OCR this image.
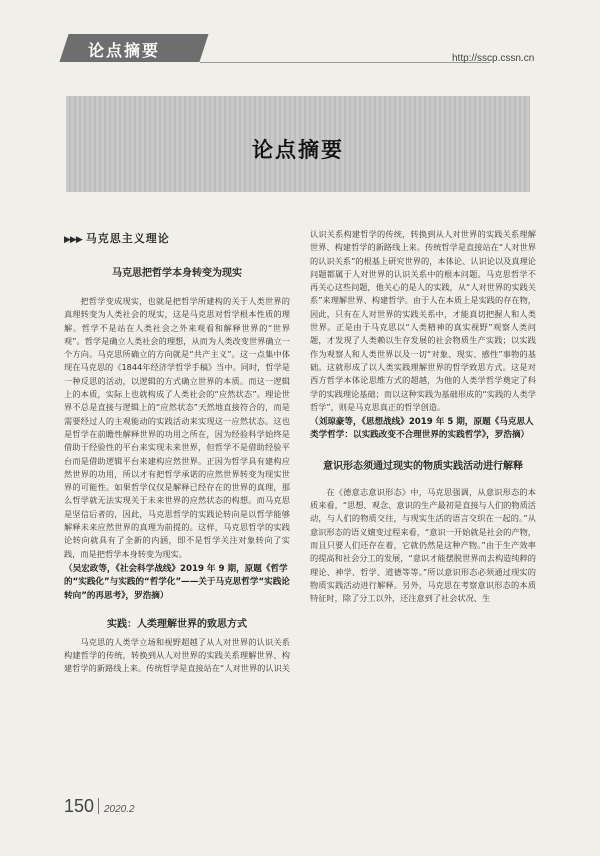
论点摘要	http://sscp.cssn.cn
论点摘要
▶▶▶ 马克思主义理论
马克思把哲学本身转变为现实

把哲学变成现实，也就是把哲学所建构的关于人类世界的真理转变为人类社会的现实，这是马克思对哲学根本性质的理解。哲学不是站在人类社会之外来观看和解释世界的“世界观”。哲学是确立人类社会的理想，从而为人类改变世界确立一个方向。马克思所确立的方向就是“共产主义”。这一点集中体现在马克思的《1844年经济学哲学手稿》当中。同时，哲学是一种反思的活动，以逻辑的方式确立世界的本质。而这一逻辑上的本质，实际上也就构成了人类社会的“应然状态”。理论世界不总是直接与逻辑上的“应然状态”天然地直接符合的，而是需要经过人的主观能动的实践活动来实现这一应然状态。这也是哲学在前瞻性解释世界的功用之所在，因为经验科学始终是借助于经验性的平台来实现未来世界，但哲学不是借助经验平台而是借助逻辑平台来建构应然世界。正因为哲学具有建构应然世界的功用，所以才有把哲学承诺的应然世界转变为现实世界的可能性。如果哲学仅仅是解释已经存在的世界的真理，那么哲学就无法实现关于未来世界的应然状态的构想。而马克思是坚信后者的，因此，马克思哲学的实践论转向是以哲学能够解释未来应然世界的真理为前提的。这样，马克思哲学的实践论转向就具有了全新的内涵，即不是哲学关注对象转向了实践，而是把哲学本身转变为现实。

（吴宏政等，《社会科学战线》2019 年 9 期，原题《哲学的“实践化”与实践的“哲学化”——关于马克思哲学“实践论转向”的再思考》，罗浩摘）
实践：人类理解世界的致思方式

马克思的人类学立场和视野超越了从人对世界的认识关系构建哲学的传统，转换到从人对世界的实践关系理解世界、构建哲学的新路线上来。传统哲学是直接站在“人对世界的认识关

认识关系构建哲学的传统，转换到从人对世界的实践关系理解世界、构建哲学的新路线上来。传统哲学是直接站在“人对世界的认识关系”的根基上研究世界的，本体论、认识论以及真理论问题都属于人对世界的认识关系中的根本问题。马克思哲学不再关心这些问题，他关心的是人的实践，从“人对世界的实践关系”来理解世界、构建哲学。由于人在本质上是实践的存在物，因此，只有在人对世界的实践关系中，才能真切把握人和人类世界。正是由于马克思以“人类精神的真实视野”观察人类问题，才发现了人类赖以生存发展的社会物质生产实践；以实践作为观察人和人类世界以及一切“对象、现实、感性”事物的基础。这就形成了以人类实践理解世界的哲学致思方式。这是对西方哲学本体论思维方式的超越，为他的人类学哲学奠定了科学的实践理论基础；而以这种实践为基础形成的“实践的人类学哲学”，则是马克思真正的哲学创造。

（刘琼豪等，《思想战线》2019 年 5 期，原题《马克思人类学哲学：以实践改变不合理世界的实践哲学》，罗浩摘）
意识形态须通过现实的物质实践活动进行解释

在《德意志意识形态》中，马克思强调，从意识形态的本质来看，“思想、观念、意识的生产最初是直接与人们的物质活动，与人们的物质交往，与现实生活的语言交织在一起的。”从意识形态的语义嬗变过程来看，“意识一开始就是社会的产物，而且只要人们还存在着，它就仍然是这种产物。”由于生产效率的提高和社会分工的发展，“意识才能摆脱世界而去构造纯粹的理论、神学、哲学、道德等等。”所以意识形态必须通过现实的物质实践活动进行解释。另外，马克思在考察意识形态的本质特征时，除了分工以外，还注意到了社会状况、生

150 2020.2
